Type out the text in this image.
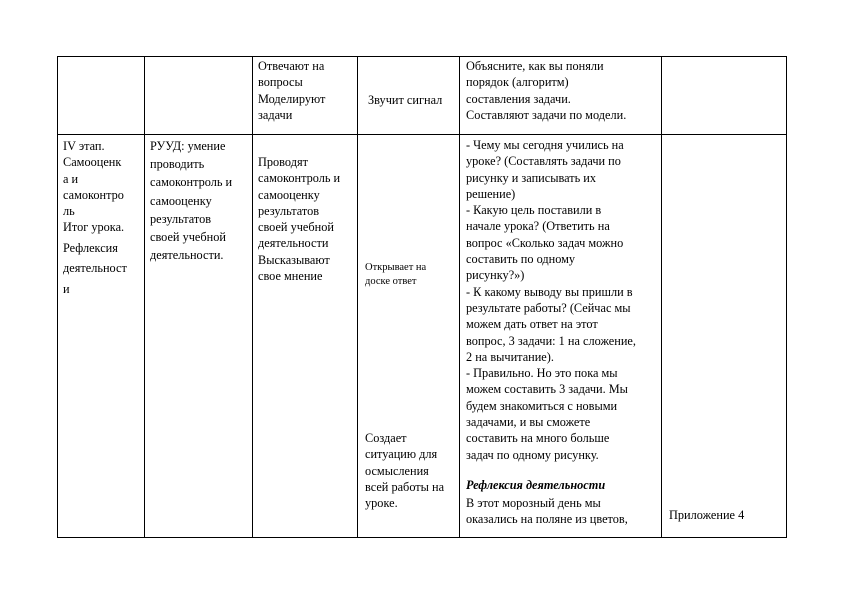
Отвечают на
вопросы
Моделируют
задачи
Звучит сигнал
Объясните, как вы поняли
порядок (алгоритм)
составления задачи.
Составляют задачи по модели.
IV этап.
Самооценк
а и
самоконтро
ль
Итог урока.
Рефлексия
деятельност
и
РУУД: умение
проводить
самоконтроль и
самооценку
результатов
своей учебной
деятельности.
Проводят
самоконтроль и
самооценку
результатов
своей учебной
деятельности
Высказывают
свое мнение
Открывает на
доске ответ
Создает
ситуацию для
осмысления
всей работы на
уроке.
- Чему мы сегодня учились на
уроке? (Составлять задачи по
рисунку и записывать их
решение)
- Какую цель поставили в
начале урока? (Ответить на
вопрос «Сколько задач можно
составить по одному
рисунку?»)
- К какому выводу вы пришли в
результате работы? (Сейчас мы
можем дать ответ на этот
вопрос, 3 задачи: 1 на сложение,
2 на вычитание).
- Правильно. Но это пока мы
можем составить 3 задачи. Мы
будем знакомиться с новыми
задачами, и вы сможете
составить на много больше
задач по одному рисунку.
Рефлексия деятельности
В этот морозный день мы
оказались на поляне из цветов,	Приложение 4
